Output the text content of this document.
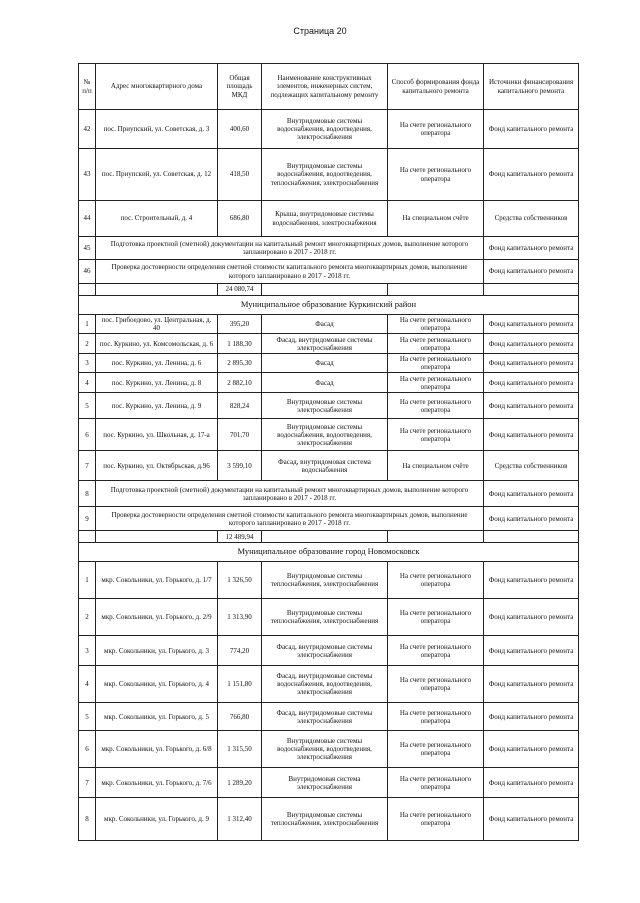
Страница 20
№ п/п	Адрес многоквартирного дома	Общая площадь МКД	Наименование конструктивных элементов, инженерных систем, подлежащих капитальному ремонту	Способ формирования фонда капитального ремонта	Источники финансирования капитального ремонта
42	пос. Приупский, ул. Советская, д. 3	400,60	Внутридомовые системы водоснабжения, водоотведения, электроснабжения	На счете регионального оператора	Фонд капитального ремонта
43	пос. Приупский, ул. Советская, д. 12	418,50	Внутридомовые системы водоснабжения, водоотведения, теплоснабжения, электроснабжения	На счете регионального оператора	Фонд капитального ремонта
44	пос. Строительный, д. 4	686,80	Крыша, внутридомовые системы водоснабжения, электроснабжения	На специальном счёте	Средства собственников
45	Подготовка проектной (сметной) документации на капитальный ремонт многоквартирных домов, выполнение которого запланировано в 2017 - 2018 гг.				Фонд капитального ремонта
46	Проверка достоверности определения сметной стоимости капитального ремонта многоквартирных домов, выполнение которого запланировано в 2017 - 2018 гг.				Фонд капитального ремонта
		24 080,74			
Муниципальное образование Куркинский район					
1	пос. Грибоедово, ул. Центральная, д. 40	395,20	Фасад	На счете регионального оператора	Фонд капитального ремонта
2	пос. Куркино, ул. Комсомольская, д. 6	1 188,30	Фасад, внутридомовые системы электроснабжения	На счете регионального оператора	Фонд капитального ремонта
3	пос. Куркино, ул. Ленина, д. 6	2 895,30	Фасад	На счете регионального оператора	Фонд капитального ремонта
4	пос. Куркино, ул. Ленина, д. 8	2 882,10	Фасад	На счете регионального оператора	Фонд капитального ремонта
5	пос. Куркино, ул. Ленина, д. 9	828,24	Внутридомовые системы электроснабжения	На счете регионального оператора	Фонд капитального ремонта
6	пос. Куркино, ул. Школьная, д. 17-а	701,70	Внутридомовые системы водоснабжения, водоотведения, электроснабжения	На счете регионального оператора	Фонд капитального ремонта
7	пос. Куркино, ул. Октябрьская, д.96	3 599,10	Фасад, внутридомовая система водоснабжения	На специальном счёте	Средства собственников
8	Подготовка проектной (сметной) документации на капитальный ремонт многоквартирных домов, выполнение которого запланировано в 2017 - 2018 гг.				Фонд капитального ремонта
9	Проверка достоверности определения сметной стоимости капитального ремонта многоквартирных домов, выполнение которого запланировано в 2017 - 2018 гг.				Фонд капитального ремонта
		12 489,94			
Муниципальное образование город Новомосковск					
1	мкр. Сокольники, ул. Горького, д. 1/7	1 326,50	Внутридомовые системы теплоснабжения, электроснабжения	На счете регионального оператора	Фонд капитального ремонта
2	мкр. Сокольники, ул. Горького, д. 2/9	1 313,90	Внутридомовые системы теплоснабжения, электроснабжения	На счете регионального оператора	Фонд капитального ремонта
3	мкр. Сокольники, ул. Горького, д. 3	774,20	Фасад, внутридомовые системы электроснабжения	На счете регионального оператора	Фонд капитального ремонта
4	мкр. Сокольники, ул. Горького, д. 4	1 151,80	Фасад, внутридомовые системы водоснабжения, водоотведения, электроснабжения	На счете регионального оператора	Фонд капитального ремонта
5	мкр. Сокольники, ул. Горького, д. 5	766,80	Фасад, внутридомовые системы электроснабжения	На счете регионального оператора	Фонд капитального ремонта
6	мкр. Сокольники, ул. Горького, д. 6/8	1 315,50	Внутридомовые системы водоснабжения, водоотведения, электроснабжения	На счете регионального оператора	Фонд капитального ремонта
7	мкр. Сокольники, ул. Горького, д. 7/6	1 289,20	Внутридомовая система электроснабжения	На счете регионального оператора	Фонд капитального ремонта
8	мкр. Сокольники, ул. Горького, д. 9	1 312,40	Внутридомовые системы теплоснабжения, электроснабжения	На счете регионального оператора	Фонд капитального ремонта
